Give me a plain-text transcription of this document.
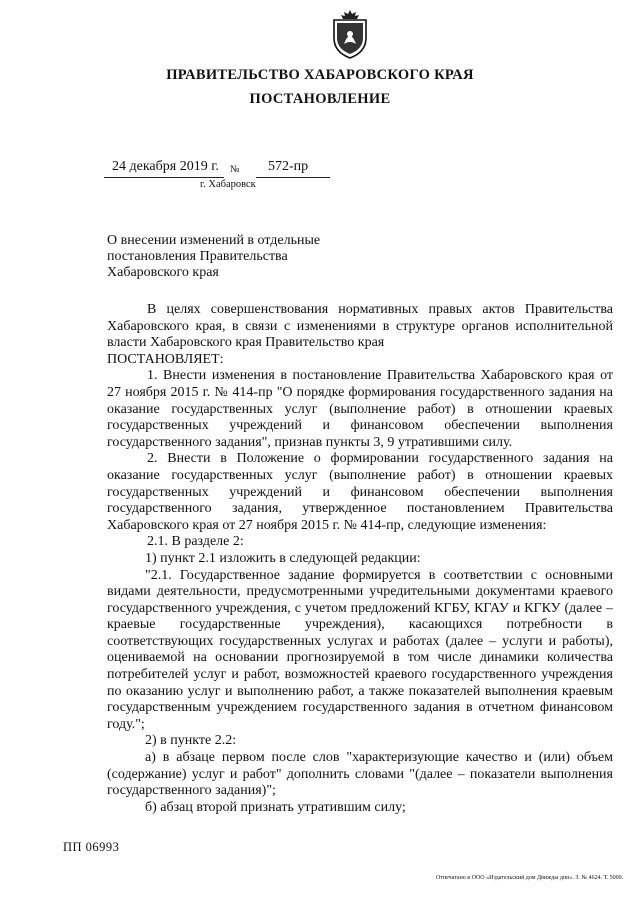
ПРАВИТЕЛЬСТВО ХАБАРОВСКОГО КРАЯ
ПОСТАНОВЛЕНИЕ
24 декабря 2019 г. № 572-пр
г. Хабаровск
О внесении изменений в отдельные постановления Правительства Хабаровского края

В целях совершенствования нормативных правых актов Правительства Хабаровского края, в связи с изменениями в структуре органов исполнительной власти Хабаровского края Правительство края

ПОСТАНОВЛЯЕТ:

1. Внести изменения в постановление Правительства Хабаровского края от 27 ноября 2015 г. № 414-пр "О порядке формирования государственного задания на оказание государственных услуг (выполнение работ) в отношении краевых государственных учреждений и финансовом обеспечении выполнения государственного задания", признав пункты 3, 9 утратившими силу.

2. Внести в Положение о формировании государственного задания на оказание государственных услуг (выполнение работ) в отношении краевых государственных учреждений и финансовом обеспечении выполнения государственного задания, утвержденное постановлением Правительства Хабаровского края от 27 ноября 2015 г. № 414-пр, следующие изменения:

2.1. В разделе 2:

1) пункт 2.1 изложить в следующей редакции:

"2.1. Государственное задание формируется в соответствии с основными видами деятельности, предусмотренными учредительными документами краевого государственного учреждения, с учетом предложений КГБУ, КГАУ и КГКУ (далее – краевые государственные учреждения), касающихся потребности в соответствующих государственных услугах и работах (далее – услуги и работы), оцениваемой на основании прогнозируемой в том числе динамики количества потребителей услуг и работ, возможностей краевого государственного учреждения по оказанию услуг и выполнению работ, а также показателей выполнения краевым государственным учреждением государственного задания в отчетном финансовом году.";

2) в пункте 2.2:

а) в абзаце первом после слов "характеризующие качество и (или) объем (содержание) услуг и работ" дополнить словами "(далее – показатели выполнения государственного задания)";

б) абзац второй признать утратившим силу;

ПП 06993
Отпечатано в ООО «Издательский дом Движды днн». З. № 4624. Т. 5000.
